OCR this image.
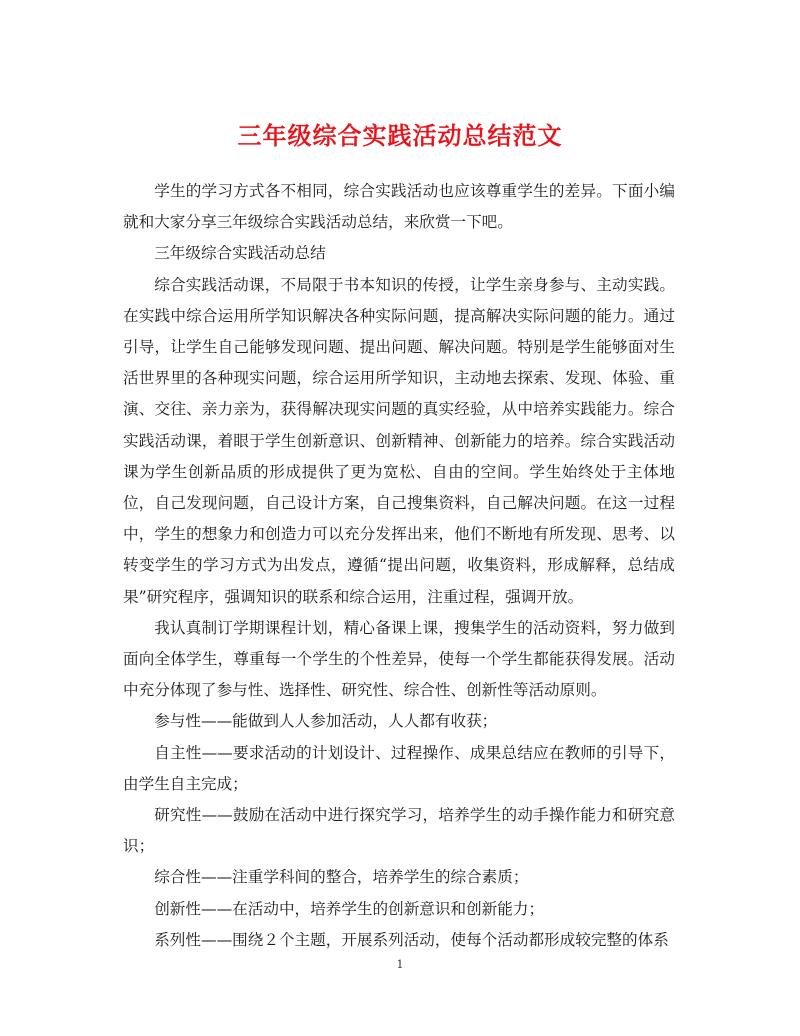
三年级综合实践活动总结范文

学生的学习方式各不相同，综合实践活动也应该尊重学生的差异。下面小编就和大家分享三年级综合实践活动总结，来欣赏一下吧。

三年级综合实践活动总结

综合实践活动课，不局限于书本知识的传授，让学生亲身参与、主动实践。在实践中综合运用所学知识解决各种实际问题，提高解决实际问题的能力。通过引导，让学生自己能够发现问题、提出问题、解决问题。特别是学生能够面对生活世界里的各种现实问题，综合运用所学知识，主动地去探索、发现、体验、重演、交往、亲力亲为，获得解决现实问题的真实经验，从中培养实践能力。综合实践活动课，着眼于学生创新意识、创新精神、创新能力的培养。综合实践活动课为学生创新品质的形成提供了更为宽松、自由的空间。学生始终处于主体地位，自己发现问题，自己设计方案，自己搜集资料，自己解决问题。在这一过程中，学生的想象力和创造力可以充分发挥出来，他们不断地有所发现、思考、以转变学生的学习方式为出发点，遵循“提出问题，收集资料，形成解释，总结成果”研究程序，强调知识的联系和综合运用，注重过程，强调开放。

我认真制订学期课程计划，精心备课上课，搜集学生的活动资料，努力做到面向全体学生，尊重每一个学生的个性差异，使每一个学生都能获得发展。活动中充分体现了参与性、选择性、研究性、综合性、创新性等活动原则。

参与性——能做到人人参加活动，人人都有收获；

自主性——要求活动的计划设计、过程操作、成果总结应在教师的引导下，由学生自主完成；

研究性——鼓励在活动中进行探究学习，培养学生的动手操作能力和研究意识；

综合性——注重学科间的整合，培养学生的综合素质；

创新性——在活动中，培养学生的创新意识和创新能力；

系列性——围绕２个主题，开展系列活动，使每个活动都形成较完整的体系

1
